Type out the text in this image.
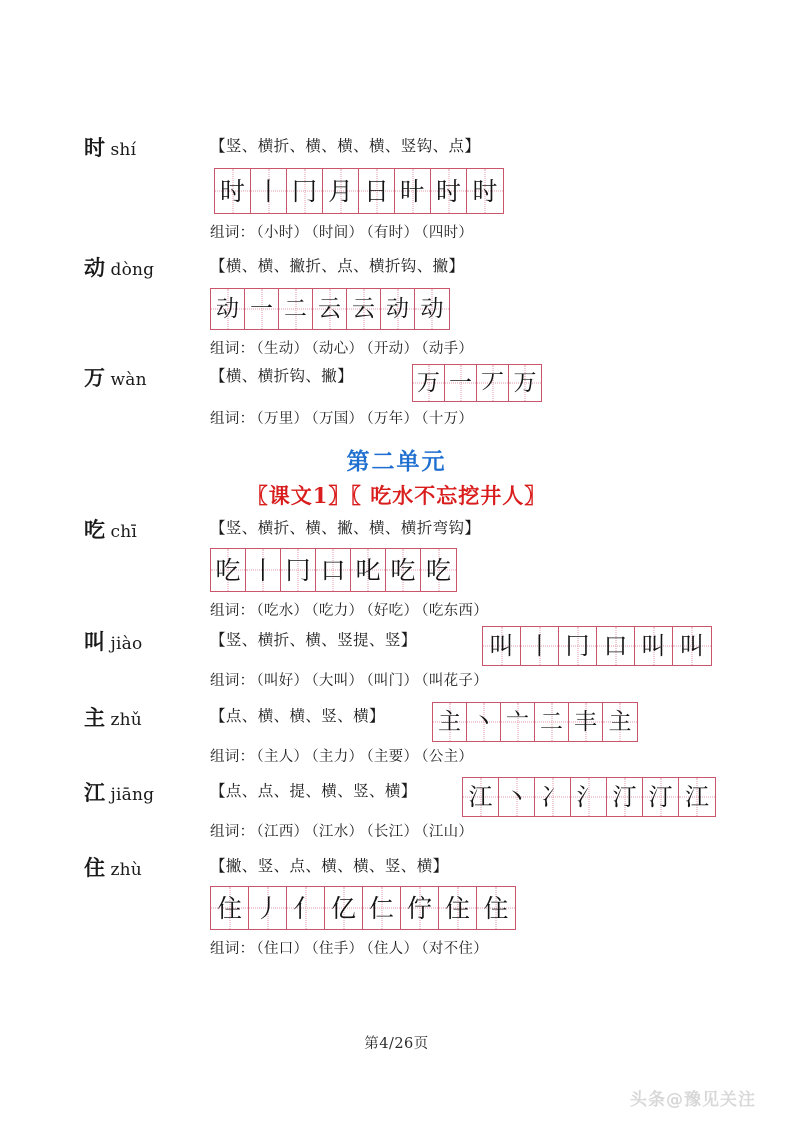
时 shí	【竖、横折、横、横、横、竖钩、点】
时 丨 冂 月 日 旪 时 时
组词： （小时） （时间） （有时） （四时）
动 dòng	【横、横、撇折、点、横折钩、撇】
动 一 二 云 云 动 动
组词： （生动） （动心） （开动） （动手）
万 wàn	【横、横折钩、撇】	万 一 丆 万
组词： （万里） （万国） （万年） （十万）
第二单元
〖课文1〗〖 吃水不忘挖井人〗
吃 chī	【竖、横折、横、撇、横、横折弯钩】
吃 丨 冂 口 叱 吃 吃
组词： （吃水） （吃力） （好吃） （吃东西）
叫 jiào	【竖、横折、横、竖提、竖】	叫 丨 冂 口 叫 叫
组词： （叫好） （大叫） （叫门） （叫花子）
主 zhǔ	【点、横、横、竖、横】 主 丶 亠 二 丰 主
组词： （主人） （主力） （主要） （公主）
江 jiāng	【点、点、提、横、竖、横】 江 丶 冫 氵 汀 汀 江
组词： （江西） （江水） （长江） （江山）
住 zhù	【撇、竖、点、横、横、竖、横】
住 丿 亻 亿 仁 佇 住 住
组词： （住口） （住手） （住人） （对不住）
第4/26页
头条@豫见关注
